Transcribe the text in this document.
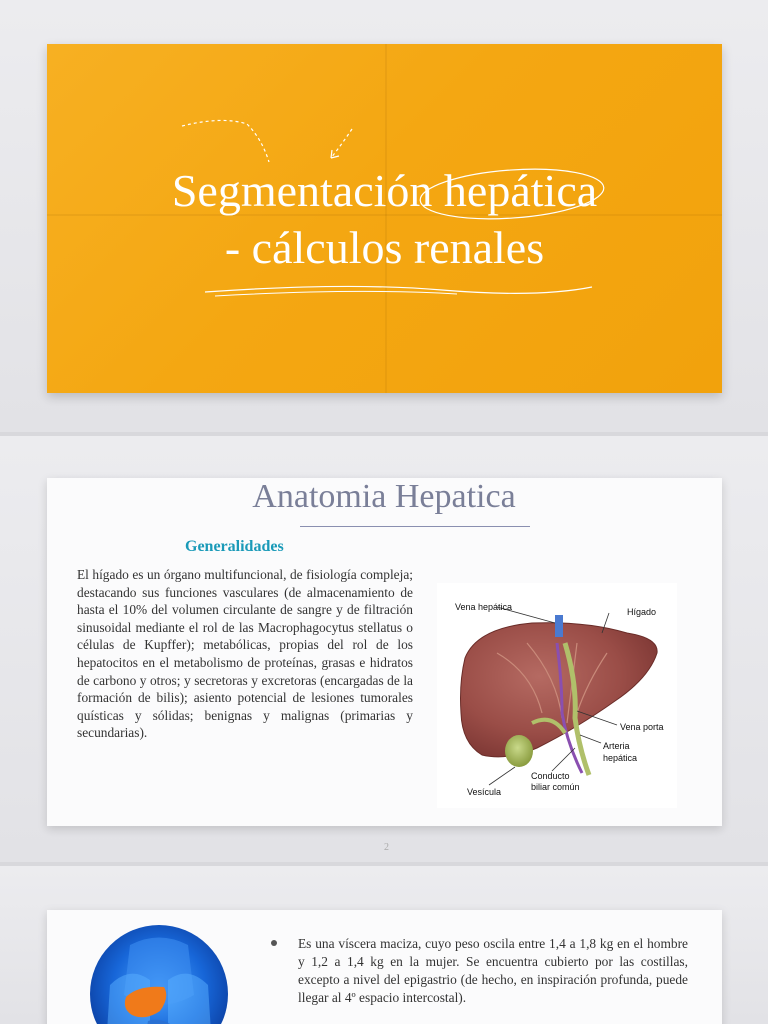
Segmentación hepática
- cálculos renales
Anatomia Hepatica
Generalidades
El hígado es un órgano multifuncional, de fisiología compleja; destacando sus funciones vasculares (de almacenamiento de hasta el 10% del volumen circulante de sangre y de filtración sinusoidal mediante el rol de las Macrophagocytus stellatus o células de Kupffer); metabólicas, propias del rol de los hepatocitos en el metabolismo de proteínas, grasas e hidratos de carbono y otros; y secretoras y excretoras (encargadas de la formación de bilis); asiento potencial de lesiones tumorales quísticas y sólidas; benignas y malignas (primarias y secundarias).
Vena hepática	Hígado
Vena porta
Arteria
hepática
Conducto
biliar común
Vesícula
2
Es una víscera maciza, cuyo peso oscila entre 1,4 a 1,8 kg en el hombre y 1,2 a 1,4 kg en la mujer. Se encuentra cubierto por las costillas, excepto a nivel del epigastrio (de hecho, en inspiración profunda, puede llegar al 4º espacio intercostal).
